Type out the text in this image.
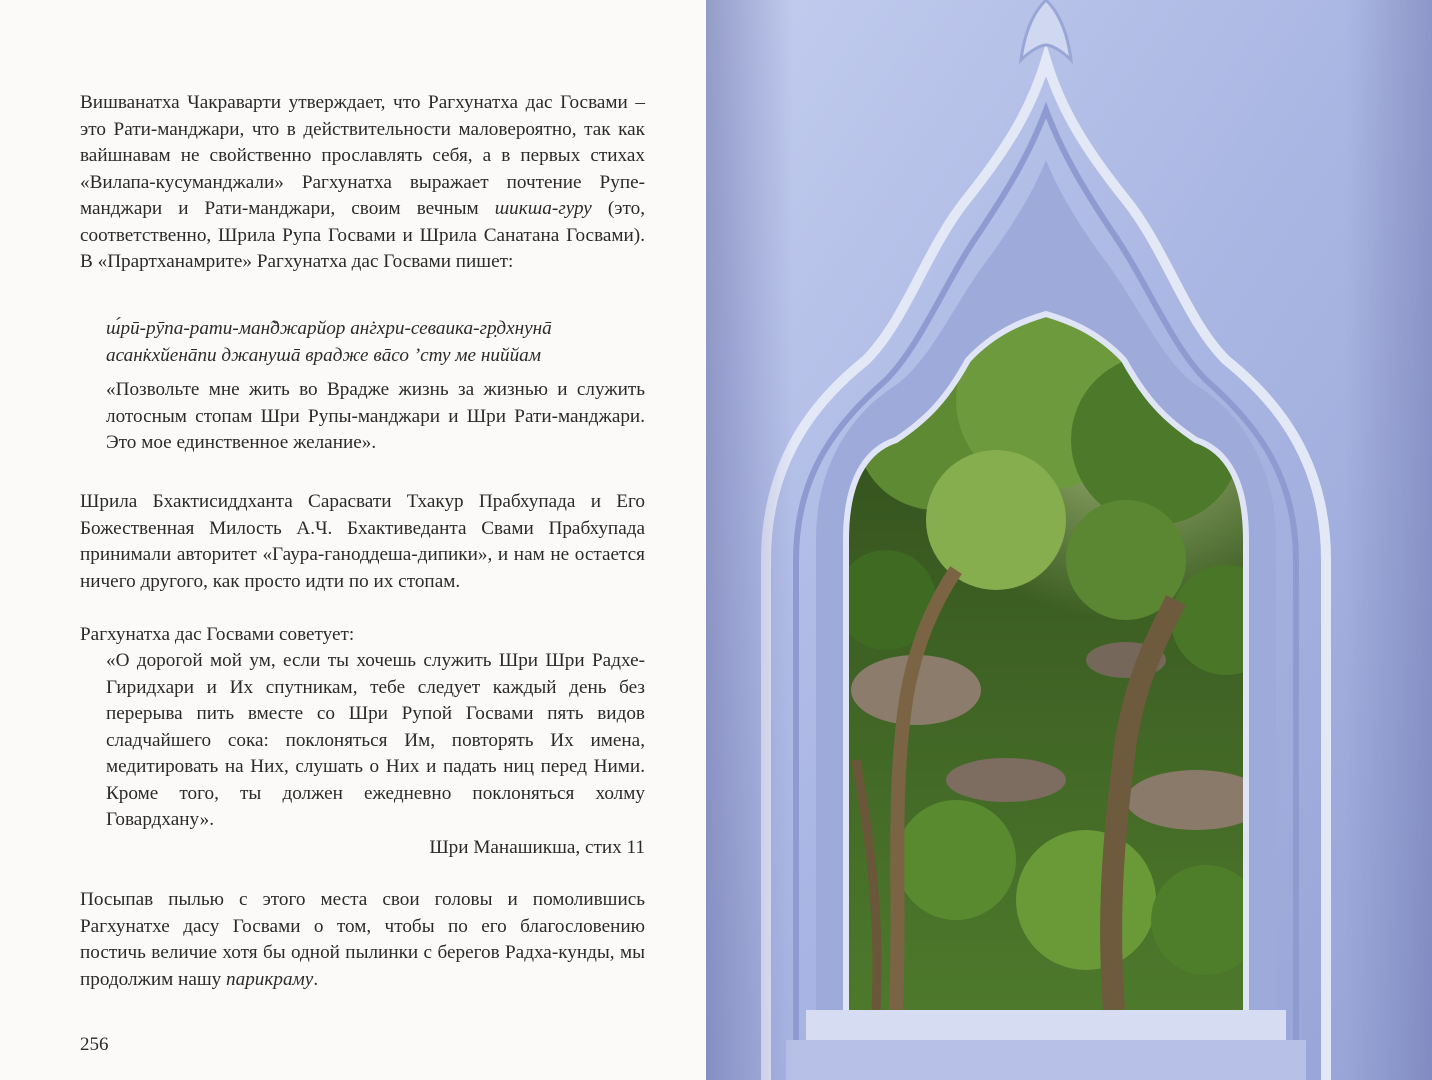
Вишванатха Чакраварти утверждает, что Рагхунатха дас Госвами – это Рати-манджари, что в действительности маловероятно, так как вайшнавам не свойственно прославлять себя, а в первых стихах «Вилапа-кусуманджали» Рагхунатха выражает почтение Рупе-манджари и Рати-манджари, своим вечным шикша-гуру (это, соответственно, Шрила Рупа Госвами и Шрила Санатана Госвами). В «Прартханамрите» Рагхунатха дас Госвами пишет:

ш́рӣ-рӯпа-рати-ман̃джарйор ан̇гхри-севаика-гр̣дхнунā

асан̇кхйенāпи джанушā врадже вāсо ’сту ме ниййам

«Позвольте мне жить во Врадже жизнь за жизнью и служить лотосным стопам Шри Рупы-манджари и Шри Рати-манджари. Это мое единственное желание».

Шрила Бхактисиддханта Сарасвати Тхакур Прабхупада и Его Божественная Милость А.Ч. Бхактиведанта Свами Прабхупада принимали авторитет «Гаура-ганоддеша-дипики», и нам не остается ничего другого, как просто идти по их стопам.

Рагхунатха дас Госвами советует:

«О дорогой мой ум, если ты хочешь служить Шри Шри Радхе-Гиридхари и Их спутникам, тебе следует каждый день без перерыва пить вместе со Шри Рупой Госвами пять видов сладчайшего сока: поклоняться Им, повторять Их имена, медитировать на Них, слушать о Них и падать ниц перед Ними. Кроме того, ты должен ежедневно поклоняться холму Говардхану».

Шри Манашикша, стих 11

Посыпав пылью с этого места свои головы и помолившись Рагхунатхе дасу Госвами о том, чтобы по его благословению постичь величие хотя бы одной пылинки с берегов Радха-кунды, мы продолжим нашу парикраму.

256
